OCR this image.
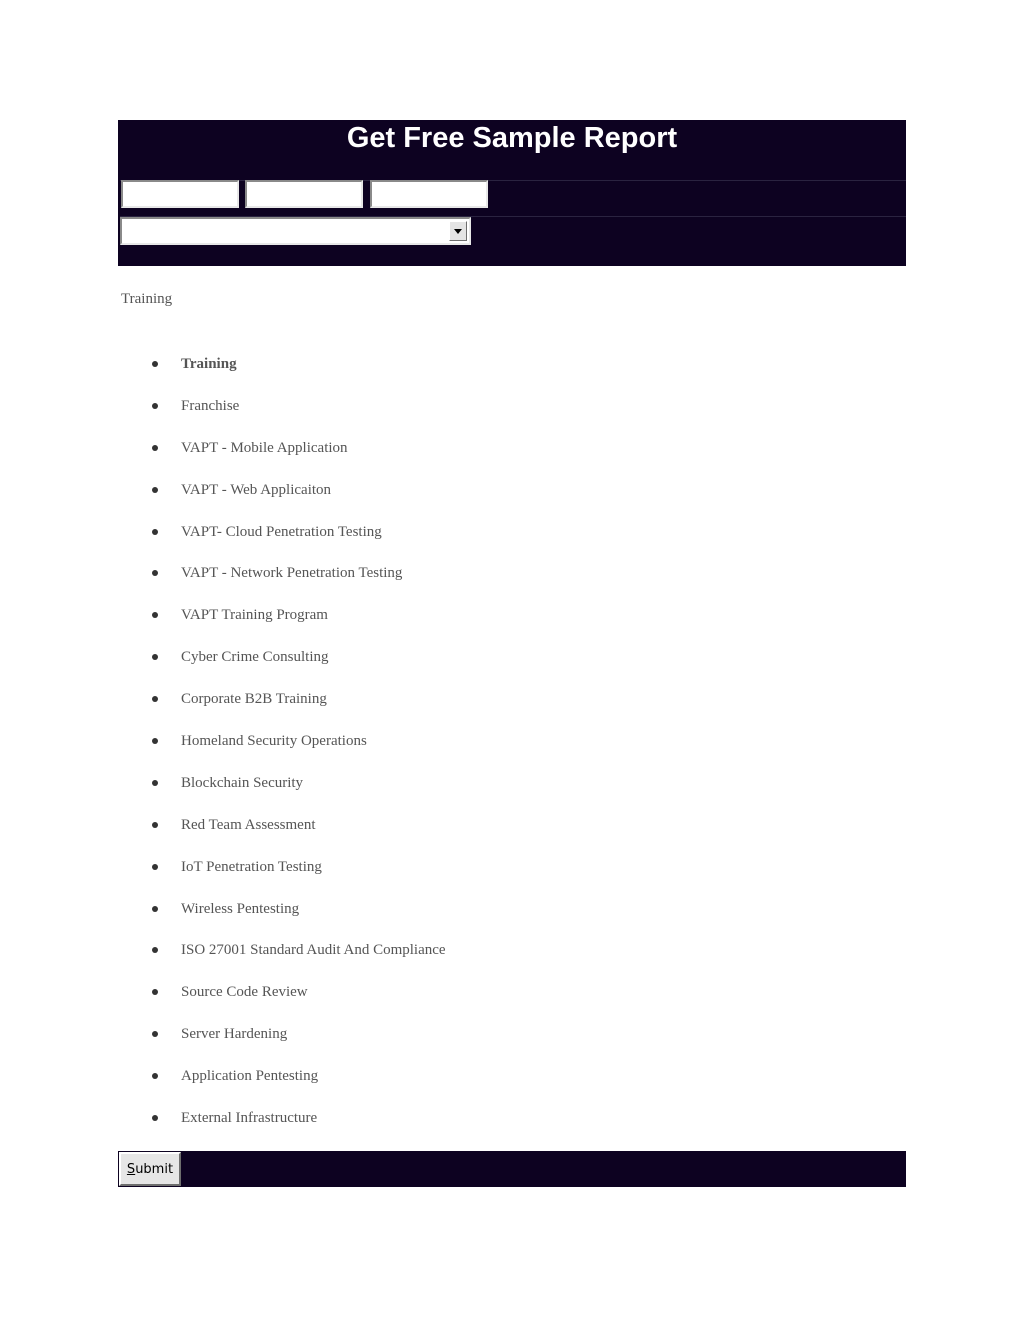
Get Free Sample Report
Training
Training
Franchise
VAPT - Mobile Application
VAPT - Web Applicaiton
VAPT- Cloud Penetration Testing
VAPT - Network Penetration Testing
VAPT Training Program
Cyber Crime Consulting
Corporate B2B Training
Homeland Security Operations
Blockchain Security
Red Team Assessment
IoT Penetration Testing
Wireless Pentesting
ISO 27001 Standard Audit And Compliance
Source Code Review
Server Hardening
Application Pentesting
External Infrastructure
Submit
